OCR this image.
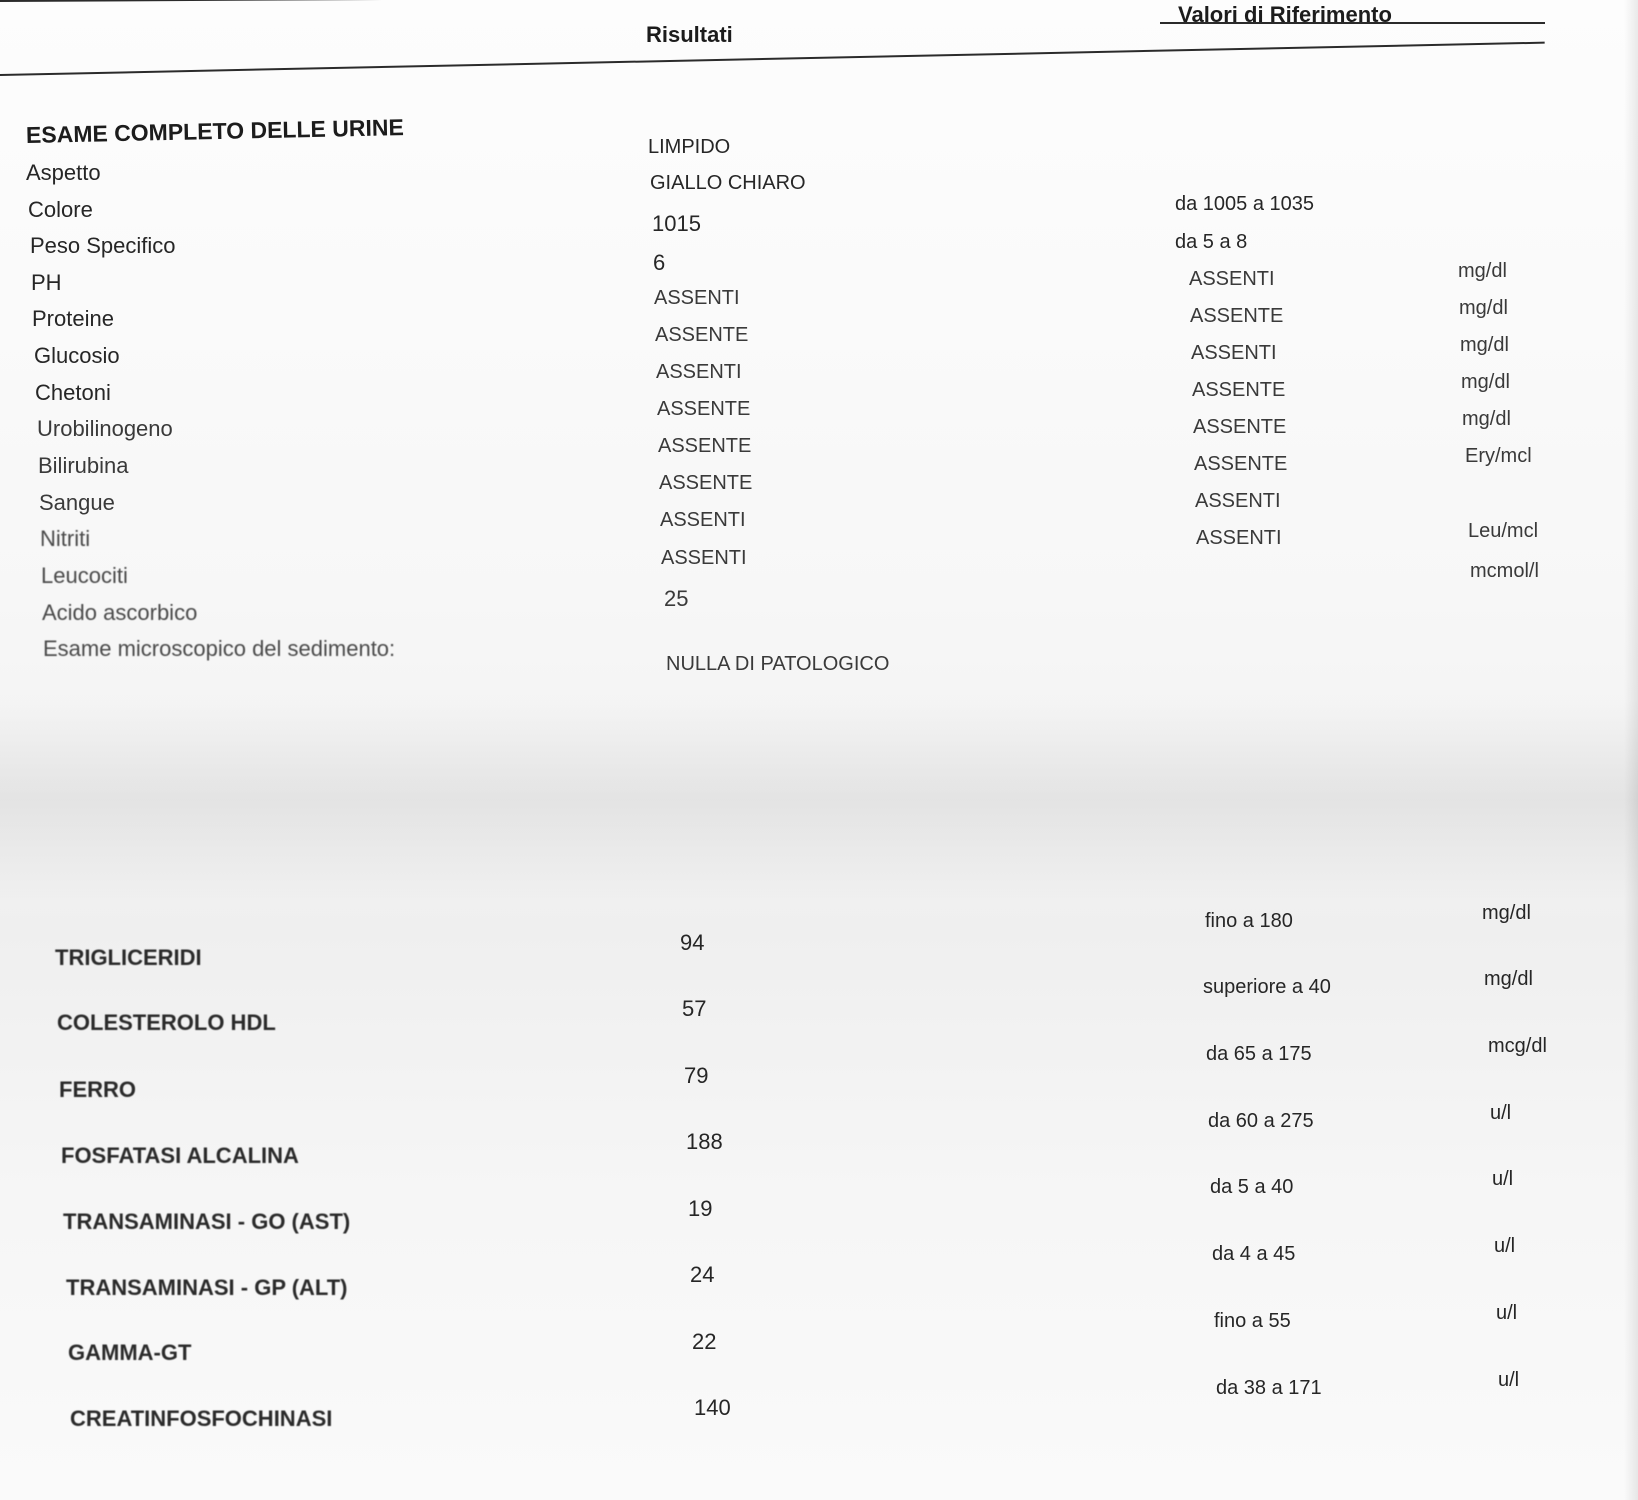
Risultati
Valori di Riferimento
ESAME COMPLETO DELLE URINE
Aspetto
Colore
Peso Specifico
PH
Proteine
Glucosio
Chetoni
Urobilinogeno
Bilirubina
Sangue
Nitriti
Leucociti
Acido ascorbico
Esame microscopico del sedimento:
LIMPIDO
GIALLO CHIARO
1015
6
ASSENTI
ASSENTE
ASSENTI
ASSENTE
ASSENTE
ASSENTE
ASSENTI
ASSENTI
25
NULLA DI PATOLOGICO
da 1005 a 1035
da 5 a 8
ASSENTI
ASSENTE
ASSENTI
ASSENTE
ASSENTE
ASSENTE
ASSENTI
ASSENTI
mg/dl
mg/dl
mg/dl
mg/dl
mg/dl
Ery/mcl
Leu/mcl
mcmol/l
TRIGLICERIDI
COLESTEROLO HDL
FERRO
FOSFATASI ALCALINA
TRANSAMINASI - GO (AST)
TRANSAMINASI - GP (ALT)
GAMMA-GT
CREATINFOSFOCHINASI
94
57
79
188
19
24
22
140
fino a 180
superiore a 40
da 65 a 175
da 60 a 275
da 5 a 40
da 4 a 45
fino a 55
da 38 a 171
mg/dl
mg/dl
mcg/dl
u/l
u/l
u/l
u/l
u/l
